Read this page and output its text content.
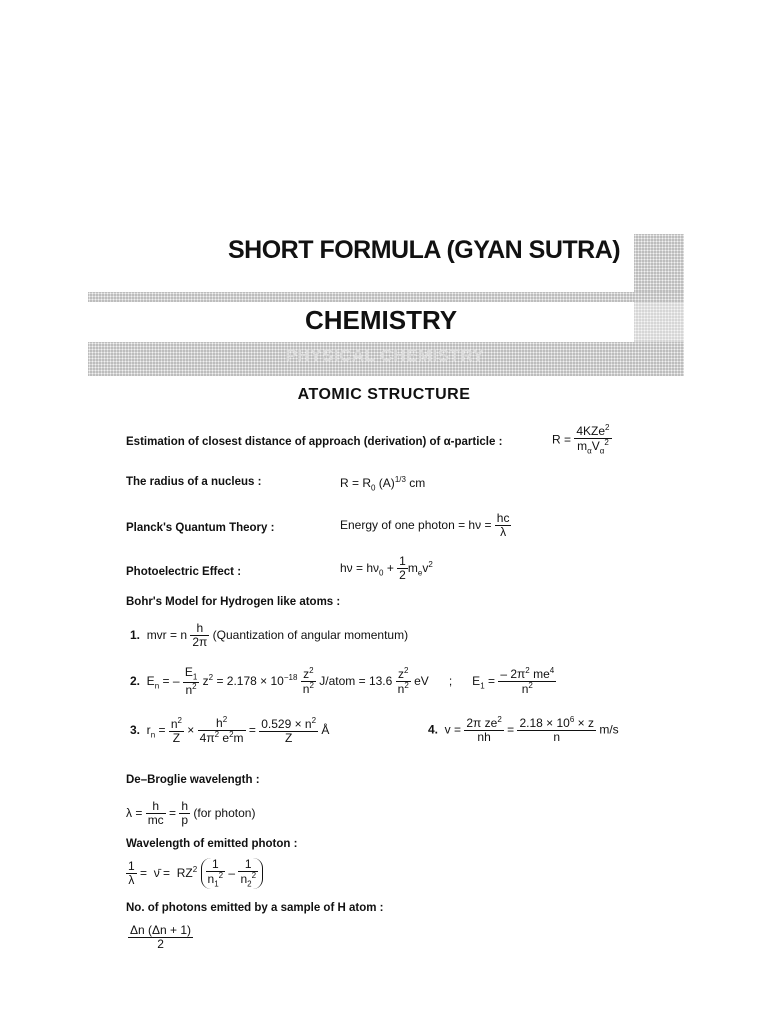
SHORT FORMULA (GYAN SUTRA)
CHEMISTRY
PHYSICAL CHEMISTRY
ATOMIC STRUCTURE
Estimation of closest distance of approach (derivation) of α-particle :	$R = \frac{4KZe^2}{m_\alpha V_\alpha^2}$
The radius of a nucleus :	$R = R_0$ $(A)^{1/3}$ cm
Planck's Quantum Theory :	Energy of one photon = $h\nu = \frac{hc}{\lambda}$
Photoelectric Effect :	$h\nu = h\nu_0 + \frac{1}{2} m_ev^2$
Bohr's Model for Hydrogen like atoms :
1. mvr = n $\frac{h}{2\pi}$ (Quantization of angular momentum)
2.  $E_n$ = – $\frac{E_1}{n^2} z^2 = 2.178 \times 10^{-18} \frac{z^2}{n^2}$ J/atom = $13.6 \frac{z^2}{n^2}$ eV ;      $E_1 = \frac{- 2\pi^2 me^4}{n^2}$
3.  $r_n = \frac{n^2}{Z} \times \frac{h^2}{4\pi^2 e^2m} = \frac{0.529 \times n^2}{Z}$ Å	4.  $v = \frac{2\pi ze^2}{nh} = \frac{2.18 \times 10^6 \times z}{n} m/s$
De–Broglie wavelength :
$\lambda = \frac{h}{mc} = \frac{h}{p} (for$ photon)
Wavelength of emitted photon :
$\frac{1}{\lambda}$ =  ν̄ =  $RZ^2 \frac{1}{n_1^2} - \frac{1}{n_2^2}$
No. of photons emitted by a sample of H atom :
$\frac{\Delta n (\Delta n + 1)}{2}$
